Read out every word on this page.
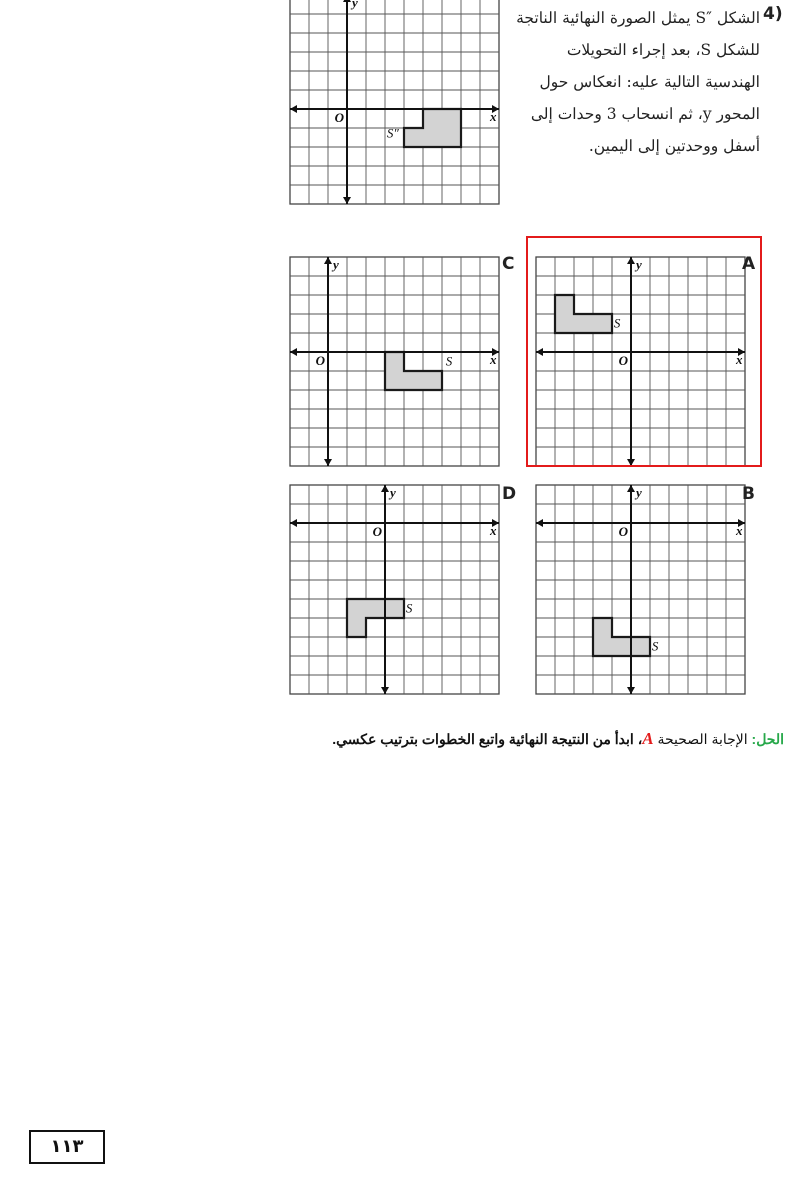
4)
الشكل ″S يمثل الصورة النهائية الناتجة
للشكل S، بعد إجراء التحويلات
الهندسية التالية عليه: انعكاس حول
المحور y، ثم انسحاب 3 وحدات إلى
أسفل ووحدتين إلى اليمين.
x
y
O
S″
x
y
O
S
x
y
O	S
x
y
O
S
x
y
O
S
A
C
B
D
الحل: الإجابة الصحيحة A، ابدأ من النتيجة النهائية واتبع الخطوات بترتيب عكسي.
١١٣
